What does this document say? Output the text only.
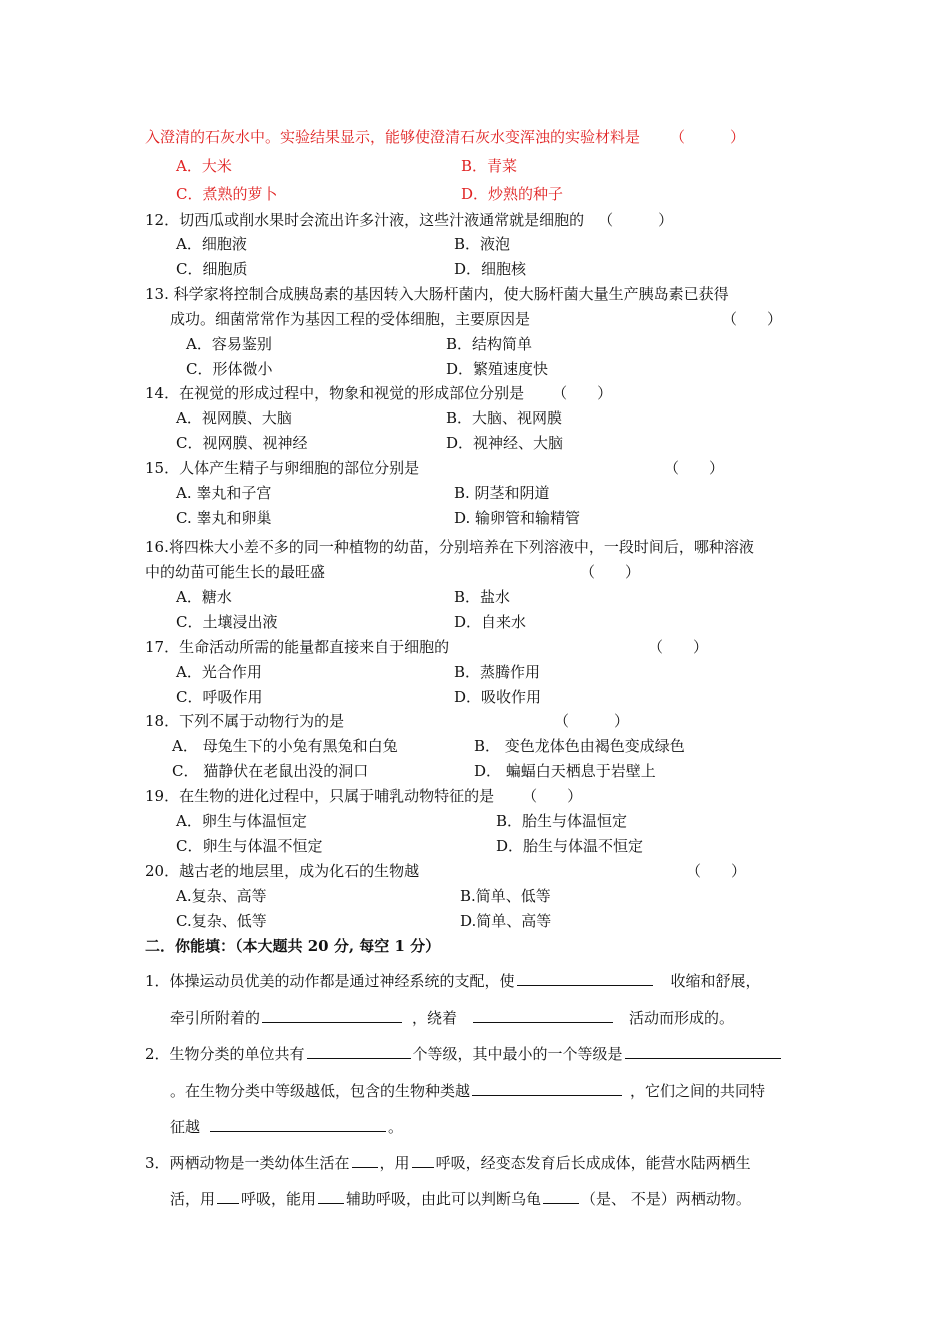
入澄清的石灰水中。实验结果显示，能够使澄清石灰水变浑浊的实验材料是 （　　　）
A．大米	B．青菜
C．煮熟的萝卜	D．炒熟的种子
12．切西瓜或削水果时会流出许多汁液，这些汁液通常就是细胞的 （　　　）
A．细胞液	B．液泡
C．细胞质	D．细胞核
13. 科学家将控制合成胰岛素的基因转入大肠杆菌内，使大肠杆菌大量生产胰岛素已获得
成功。细菌常常作为基因工程的受体细胞，主要原因是	（　　）
A．容易鉴别	B．结构简单
C．形体微小	D．繁殖速度快
14．在视觉的形成过程中，物象和视觉的形成部位分别是 （　　）
A．视网膜、大脑	B．大脑、视网膜
C．视网膜、视神经	D．视神经、大脑
15．人体产生精子与卵细胞的部位分别是	（　　）
A. 睾丸和子宫	B. 阴茎和阴道
C. 睾丸和卵巢	D. 输卵管和输精管
16.将四株大小差不多的同一种植物的幼苗，分别培养在下列溶液中，一段时间后，哪种溶液
中的幼苗可能生长的最旺盛	（　　）
A．糖水	B．盐水
C．土壤浸出液	D．自来水
17．生命活动所需的能量都直接来自于细胞的	（　　）
A．光合作用	B．蒸腾作用
C．呼吸作用	D．吸收作用
18．下列不属于动物行为的是	（　　　）
A． 母兔生下的小兔有黑兔和白兔	B． 变色龙体色由褐色变成绿色
C． 猫静伏在老鼠出没的洞口	D． 蝙蝠白天栖息于岩壁上
19．在生物的进化过程中，只属于哺乳动物特征的是 （　　）
A．卵生与体温恒定	B．胎生与体温恒定
C．卵生与体温不恒定	D．胎生与体温不恒定
20．越古老的地层里，成为化石的生物越	（　　）
A.复杂、高等	B.简单、低等
C.复杂、低等	D.简单、高等
二．你能填：（本大题共 20 分, 每空 1 分）
1．体操运动员优美的动作都是通过神经系统的支配，使	收缩和舒展，
牵引所附着的	，绕着	活动而形成的。
2．生物分类的单位共有	个等级，其中最小的一个等级是
。在生物分类中等级越低，包含的生物种类越	，它们之间的共同特
征越	。
3．两栖动物是一类幼体生活在 ，用 呼吸，经变态发育后长成成体，能营水陆两栖生
活，用 呼吸，能用 辅助呼吸，由此可以判断乌龟	（是、 不是）两栖动物。
